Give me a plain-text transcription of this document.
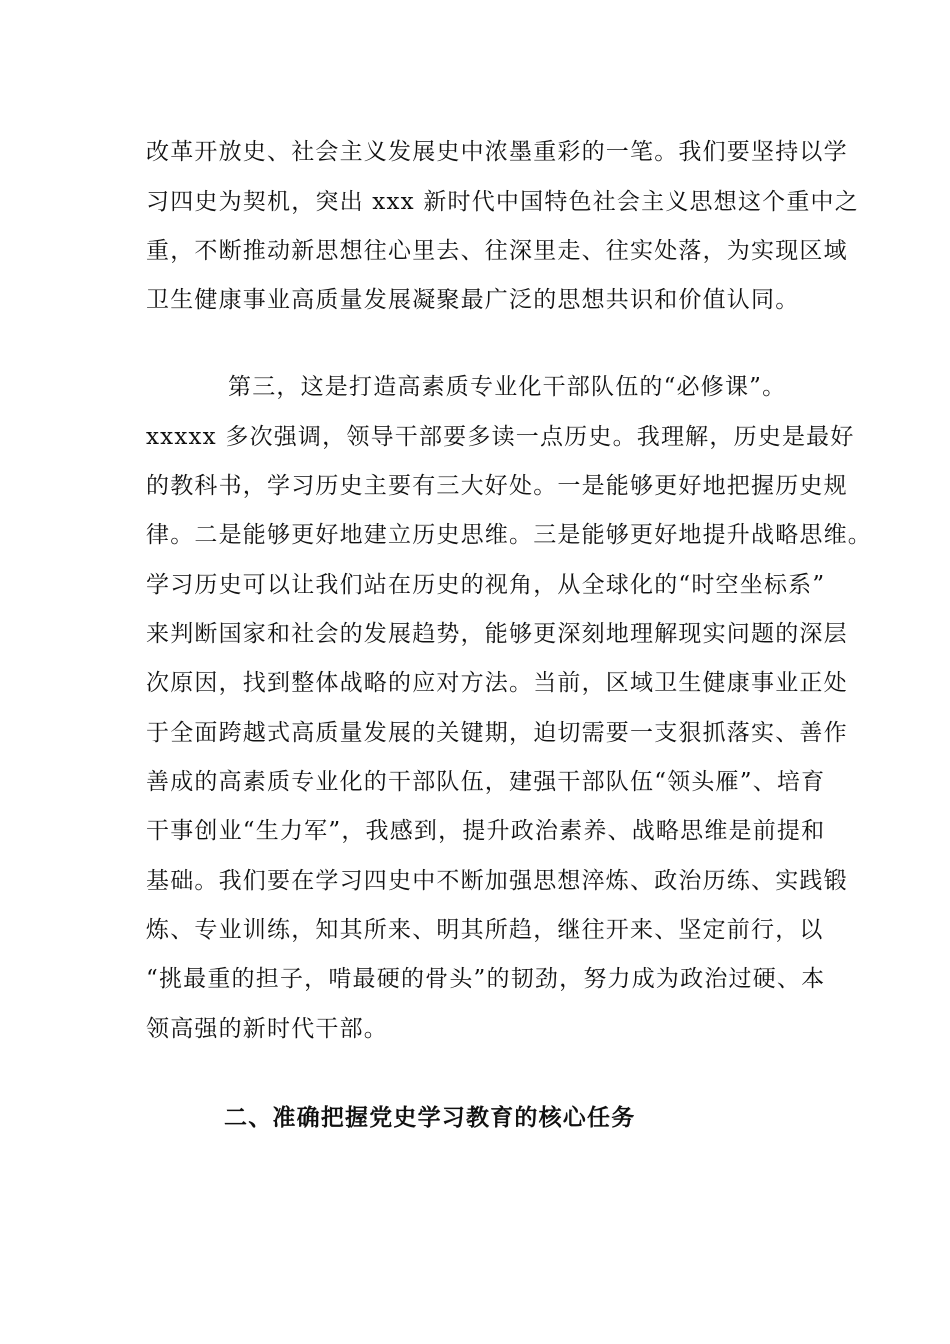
改革开放史、社会主义发展史中浓墨重彩的一笔。我们要坚持以学
习四史为契机，突出 xxx 新时代中国特色社会主义思想这个重中之
重，不断推动新思想往心里去、往深里走、往实处落，为实现区域
卫生健康事业高质量发展凝聚最广泛的思想共识和价值认同。
第三，这是打造高素质专业化干部队伍的“必修课”。
xxxxx 多次强调，领导干部要多读一点历史。我理解，历史是最好
的教科书，学习历史主要有三大好处。一是能够更好地把握历史规
律。二是能够更好地建立历史思维。三是能够更好地提升战略思维。
学习历史可以让我们站在历史的视角，从全球化的“时空坐标系”
来判断国家和社会的发展趋势，能够更深刻地理解现实问题的深层
次原因，找到整体战略的应对方法。当前，区域卫生健康事业正处
于全面跨越式高质量发展的关键期，迫切需要一支狠抓落实、善作
善成的高素质专业化的干部队伍，建强干部队伍“领头雁”、培育
干事创业“生力军”，我感到，提升政治素养、战略思维是前提和
基础。我们要在学习四史中不断加强思想淬炼、政治历练、实践锻
炼、专业训练，知其所来、明其所趋，继往开来、坚定前行，以
“挑最重的担子，啃最硬的骨头”的韧劲，努力成为政治过硬、本
领高强的新时代干部。
二、准确把握党史学习教育的核心任务
